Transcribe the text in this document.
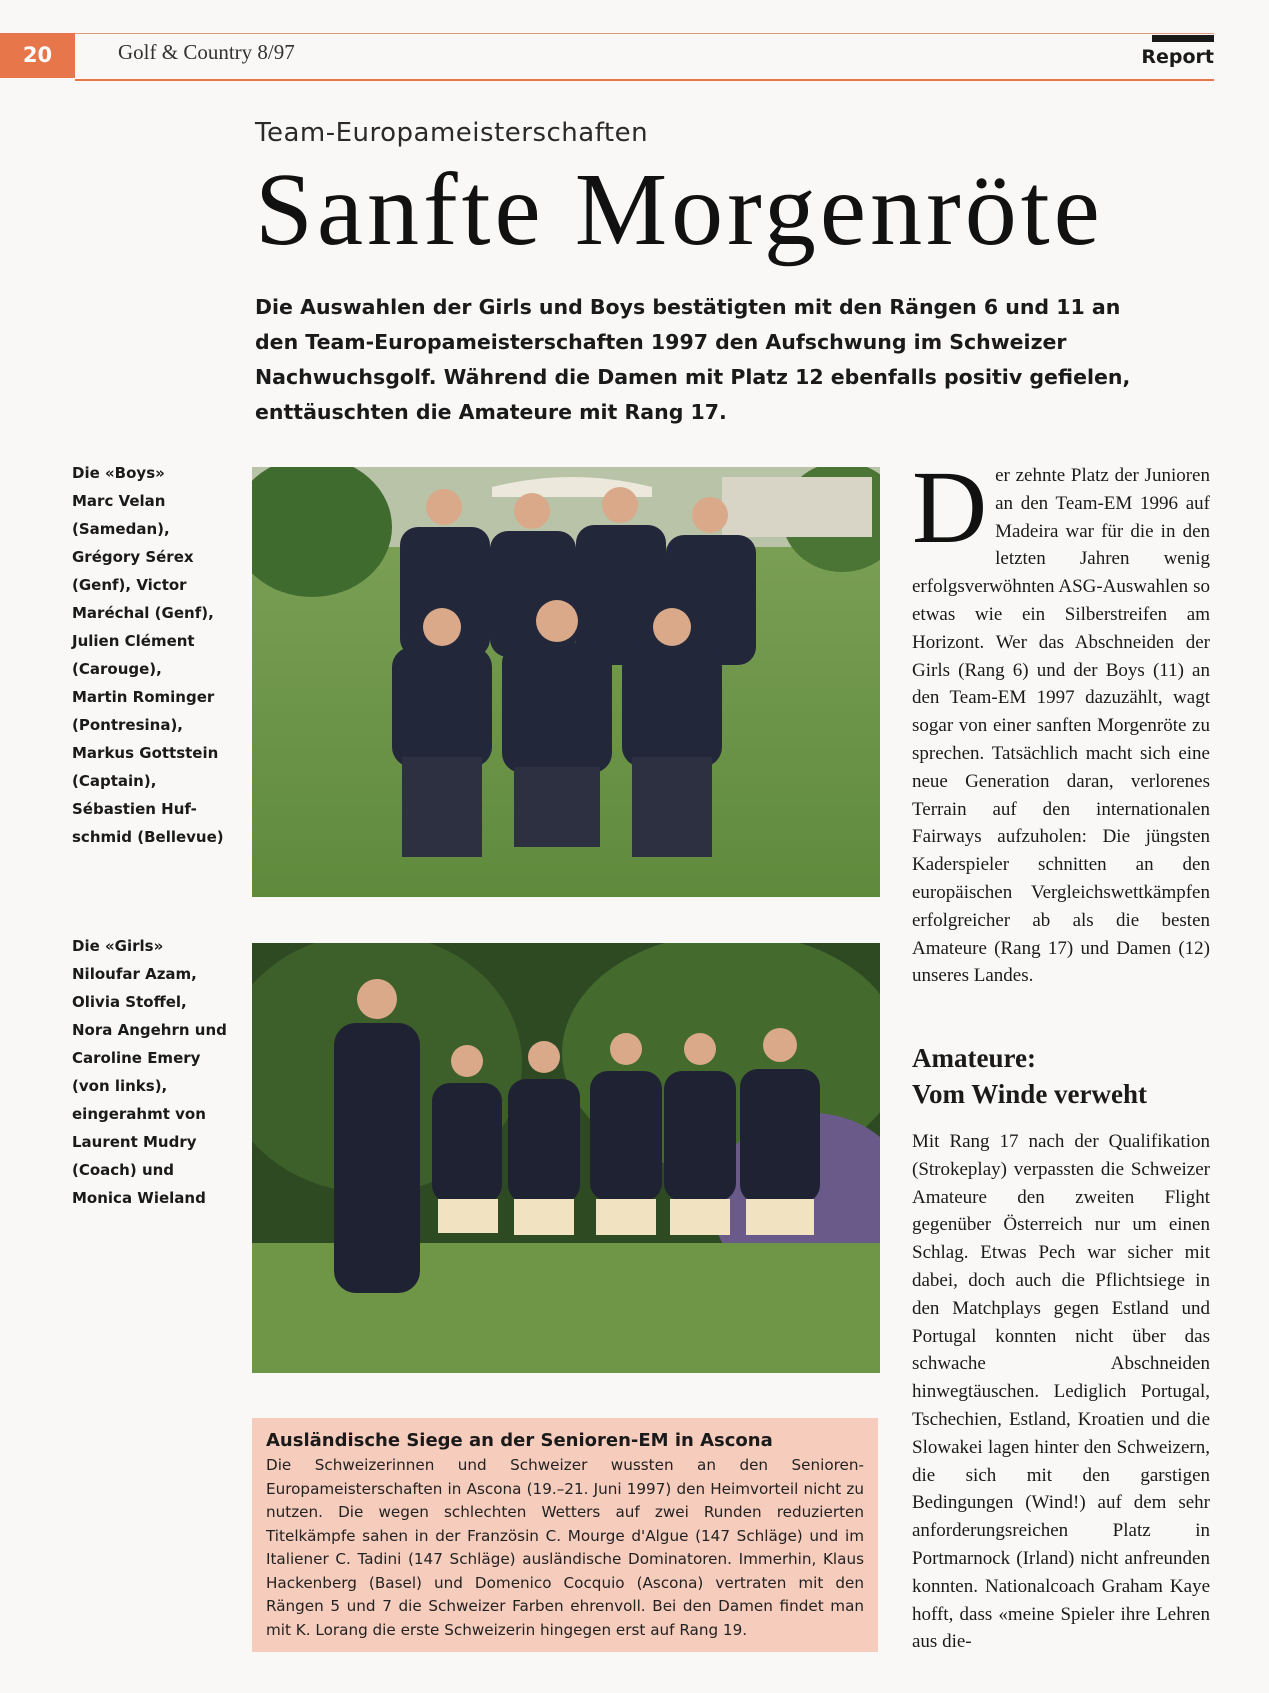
20	Golf & Country 8/97	Report
Team-Europameisterschaften
Sanfte Morgenröte
Die Auswahlen der Girls und Boys bestätigten mit den Rängen 6 und 11 an den Team-Europameisterschaften 1997 den Aufschwung im Schweizer Nachwuchsgolf. Während die Damen mit Platz 12 ebenfalls positiv gefielen, enttäuschten die Amateure mit Rang 17.
Die «Boys»
Marc Velan
(Samedan),
Grégory Sérex
(Genf), Victor
Maréchal (Genf),
Julien Clément
(Carouge),
Martin Rominger
(Pontresina),
Markus Gottstein
(Captain),
Sébastien Huf-
schmid (Bellevue)
Die «Girls»
Niloufar Azam,
Olivia Stoffel,
Nora Angehrn und
Caroline Emery
(von links),
eingerahmt von
Laurent Mudry
(Coach) und
Monica Wieland
D er zehnte Platz der Junioren an den Team-EM 1996 auf Madeira war für die in den letzten Jahren wenig erfolgsverwöhnten ASG-Auswahlen so etwas wie ein Silberstreifen am Horizont. Wer das Abschneiden der Girls (Rang 6) und der Boys (11) an den Team-EM 1997 dazuzählt, wagt sogar von einer sanften Morgenröte zu sprechen. Tatsächlich macht sich eine neue Generation daran, verlorenes Terrain auf den internationalen Fairways aufzuholen: Die jüngsten Kaderspieler schnitten an den europäischen Vergleichswettkämpfen erfolgreicher ab als die besten Amateure (Rang 17) und Damen (12) unseres Landes.
Amateure:
Vom Winde verweht
Mit Rang 17 nach der Qualifikation (Strokeplay) verpassten die Schweizer Amateure den zweiten Flight gegenüber Österreich nur um einen Schlag. Etwas Pech war sicher mit dabei, doch auch die Pflichtsiege in den Matchplays gegen Estland und Portugal konnten nicht über das schwache Abschneiden hinwegtäuschen. Lediglich Portugal, Tschechien, Estland, Kroatien und die Slowakei lagen hinter den Schweizern, die sich mit den garstigen Bedingungen (Wind!) auf dem sehr anforderungsreichen Platz in Portmarnock (Irland) nicht anfreunden konnten. Nationalcoach Graham Kaye hofft, dass «meine Spieler ihre Lehren aus die-
Ausländische Siege an der Senioren-EM in Ascona
Die Schweizerinnen und Schweizer wussten an den Senioren-Europameisterschaften in Ascona (19.–21. Juni 1997) den Heimvorteil nicht zu nutzen. Die wegen schlechten Wetters auf zwei Runden reduzierten Titelkämpfe sahen in der Französin C. Mourge d'Algue (147 Schläge) und im Italiener C. Tadini (147 Schläge) ausländische Dominatoren. Immerhin, Klaus Hackenberg (Basel) und Domenico Cocquio (Ascona) vertraten mit den Rängen 5 und 7 die Schweizer Farben ehrenvoll. Bei den Damen findet man mit K. Lorang die erste Schweizerin hingegen erst auf Rang 19.
